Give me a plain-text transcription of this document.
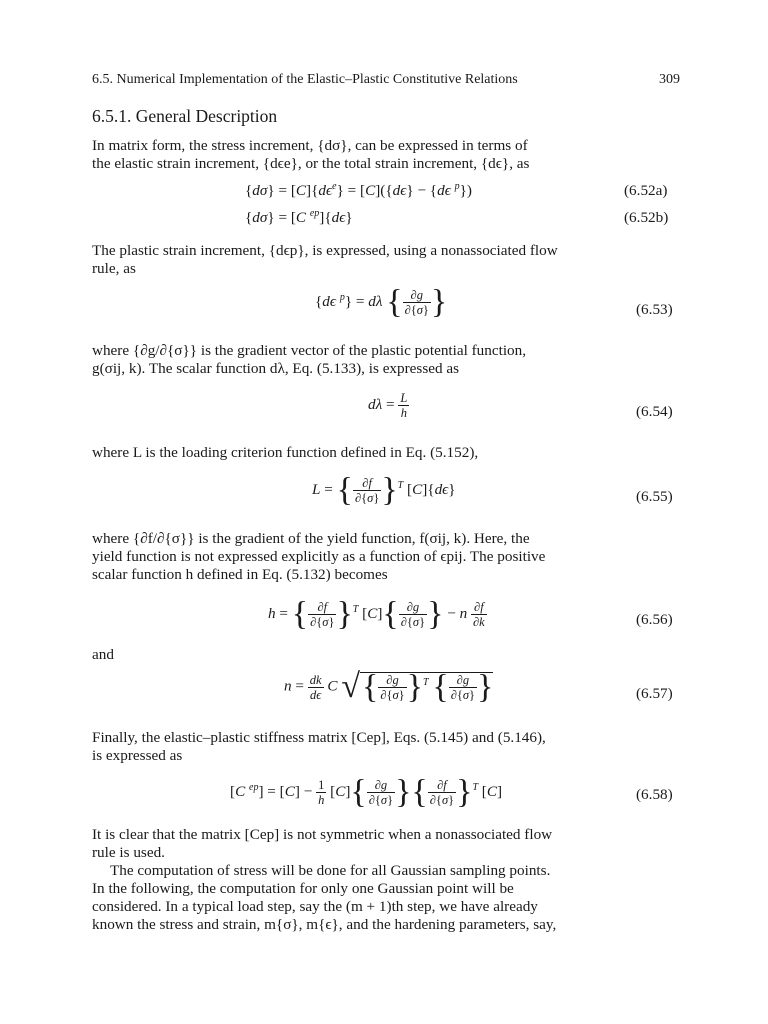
6.5. Numerical Implementation of the Elastic–Plastic Constitutive Relations	309
6.5.1. General Description
In matrix form, the stress increment, {dσ}, can be expressed in terms of
the elastic strain increment, {dϵe}, or the total strain increment, {dϵ}, as
$\{d\sigma\} = [C]\{d\epsilon^e\} = [C](\{d\epsilon\} - \{d\epsilon$ $^p$})	(6.52a)
{dσ} = [C $^{ep}$]{dϵ}	(6.52b)
The plastic strain increment, {dϵp}, is expressed, using a nonassociated flow
rule, as
{dϵ $^p$} = dλ { $\frac{\partial g}{\partial\{\sigma\}}$ }	(6.53)
where {∂g/∂{σ}} is the gradient vector of the plastic potential function,
g(σij, k). The scalar function dλ, Eq. (5.133), is expressed as
$d\lambda = \frac{L}{h}$	(6.54)
where L is the loading criterion function defined in Eq. (5.152),
L = { $\frac{\partial f}{\partial\{\sigma\}} \}^T$ [C]{dϵ}	(6.55)
where {∂f/∂{σ}} is the gradient of the yield function, f(σij, k). Here, the
yield function is not expressed explicitly as a function of ϵpij. The positive
scalar function h defined in Eq. (5.132) becomes
h = { $\frac{\partial f}{\partial\{\sigma\}} \}^T$ $[C]\{ \frac{\partial g}{\partial\{\sigma\}}$ } − n $\frac{\partial f}{\partial k}$	(6.56)
and
$n = \frac{dk}{d\epsilon}$ C √{ $\frac{\partial g}{\partial\{\sigma\}} \}^T$ { $\frac{\partial g}{\partial\{\sigma\}}$ }	(6.57)
Finally, the elastic–plastic stiffness matrix [Cep], Eqs. (5.145) and (5.146),
is expressed as
[C $^{ep}] = [C] - \frac{1}{h} [C]\{ \frac{\partial g}{\partial\{\sigma\}}$ }{ $\frac{\partial f}{\partial\{\sigma\}} \}^T$ [C]	(6.58)
It is clear that the matrix [Cep] is not symmetric when a nonassociated flow
rule is used.
The computation of stress will be done for all Gaussian sampling points.
In the following, the computation for only one Gaussian point will be
considered. In a typical load step, say the (m + 1)th step, we have already
known the stress and strain, m{σ}, m{ϵ}, and the hardening parameters, say,
